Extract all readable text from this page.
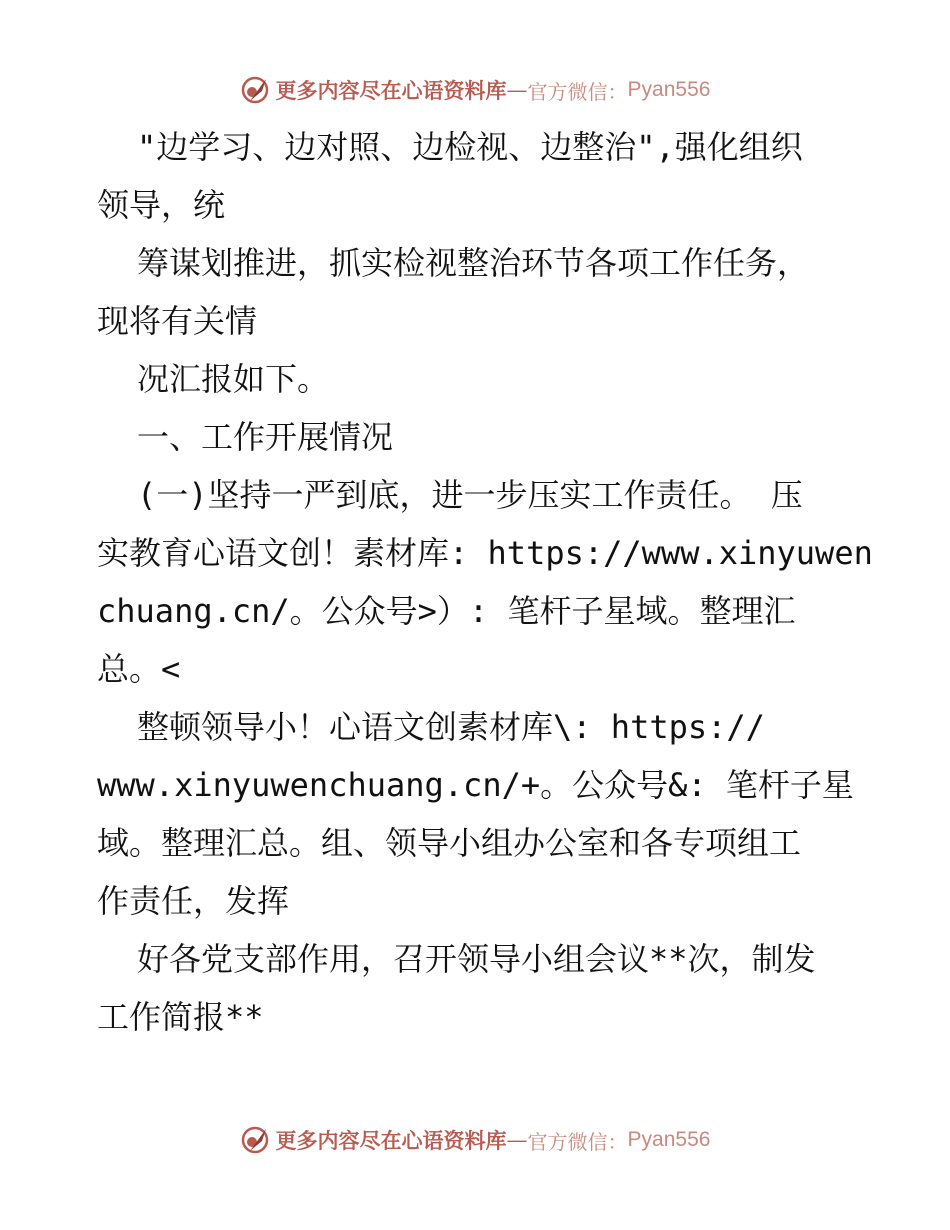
更多内容尽在心语资料库 — 官方微信： Pyan556
"边学习、边对照、边检视、边整治",强化组织
领导，统
筹谋划推进，抓实检视整治环节各项工作任务，
现将有关情
况汇报如下。
一、工作开展情况
(一)坚持一严到底，进一步压实工作责任。 压
实教育心语文创！素材库: https://www.xinyuwen
chuang.cn/。公众号>）: 笔杆子星域。整理汇
总。<
整顿领导小！心语文创素材库\: https://
www.xinyuwenchuang.cn/+。公众号&: 笔杆子星
域。整理汇总。组、领导小组办公室和各专项组工
作责任，发挥
好各党支部作用，召开领导小组会议**次，制发
工作简报**
更多内容尽在心语资料库 — 官方微信： Pyan556
